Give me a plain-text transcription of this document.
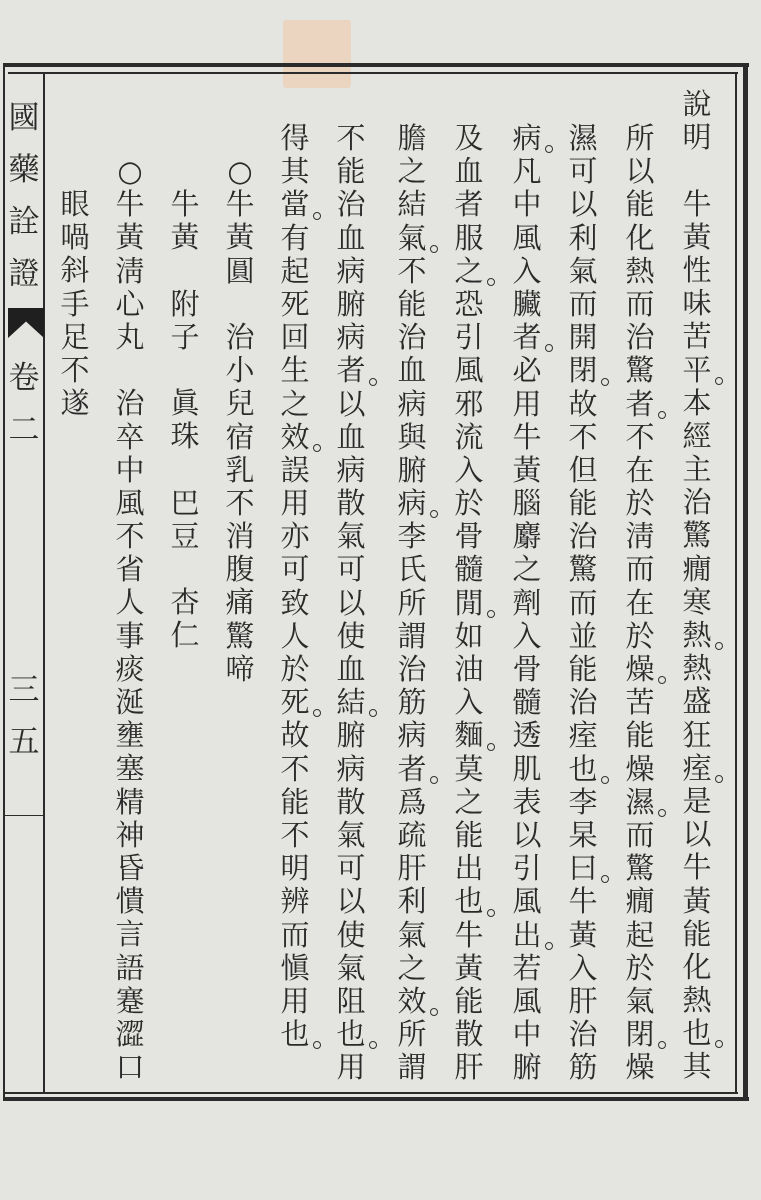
國
藥
詮
證
卷
二
三
五
說
明
牛
黃
性
味
苦
平
本
經
主
治
驚
癇
寒
熱
熱
盛
狂
痓
是
以
牛
黃
能
化
熱
也
其
所
以
能
化
熱
而
治
驚
者
不
在
於
淸
而
在
於
燥
苦
能
燥
濕
而
驚
癇
起
於
氣
閉
燥
濕
可
以
利
氣
而
開
閉
故
不
但
能
治
驚
而
並
能
治
痓
也
李
杲
曰
牛
黃
入
肝
治
筋
病
凡
中
風
入
臟
者
必
用
牛
黃
腦
麝
之
劑
入
骨
髓
透
肌
表
以
引
風
出
若
風
中
腑
及
血
者
服
之
恐
引
風
邪
流
入
於
骨
髓
閒
如
油
入
麵
莫
之
能
出
也
牛
黃
能
散
肝
膽
之
結
氣
不
能
治
血
病
與
腑
病
李
氏
所
謂
治
筋
病
者
爲
疏
肝
利
氣
之
效
所
謂
不
能
治
血
病
腑
病
者
以
血
病
散
氣
可
以
使
血
結
腑
病
散
氣
可
以
使
氣
阻
也
用
得
其
當
有
起
死
回
生
之
效
誤
用
亦
可
致
人
於
死
故
不
能
不
明
辨
而
愼
用
也
○
牛
黃
圓
治
小
兒
宿
乳
不
消
腹
痛
驚
啼
牛
黃
附
子
眞
珠
巴
豆
杏
仁
○
牛
黃
淸
心
丸
治
卒
中
風
不
省
人
事
痰
涎
壅
塞
精
神
昏
憒
言
語
蹇
澀
口
眼
喎
斜
手
足
不
遂
